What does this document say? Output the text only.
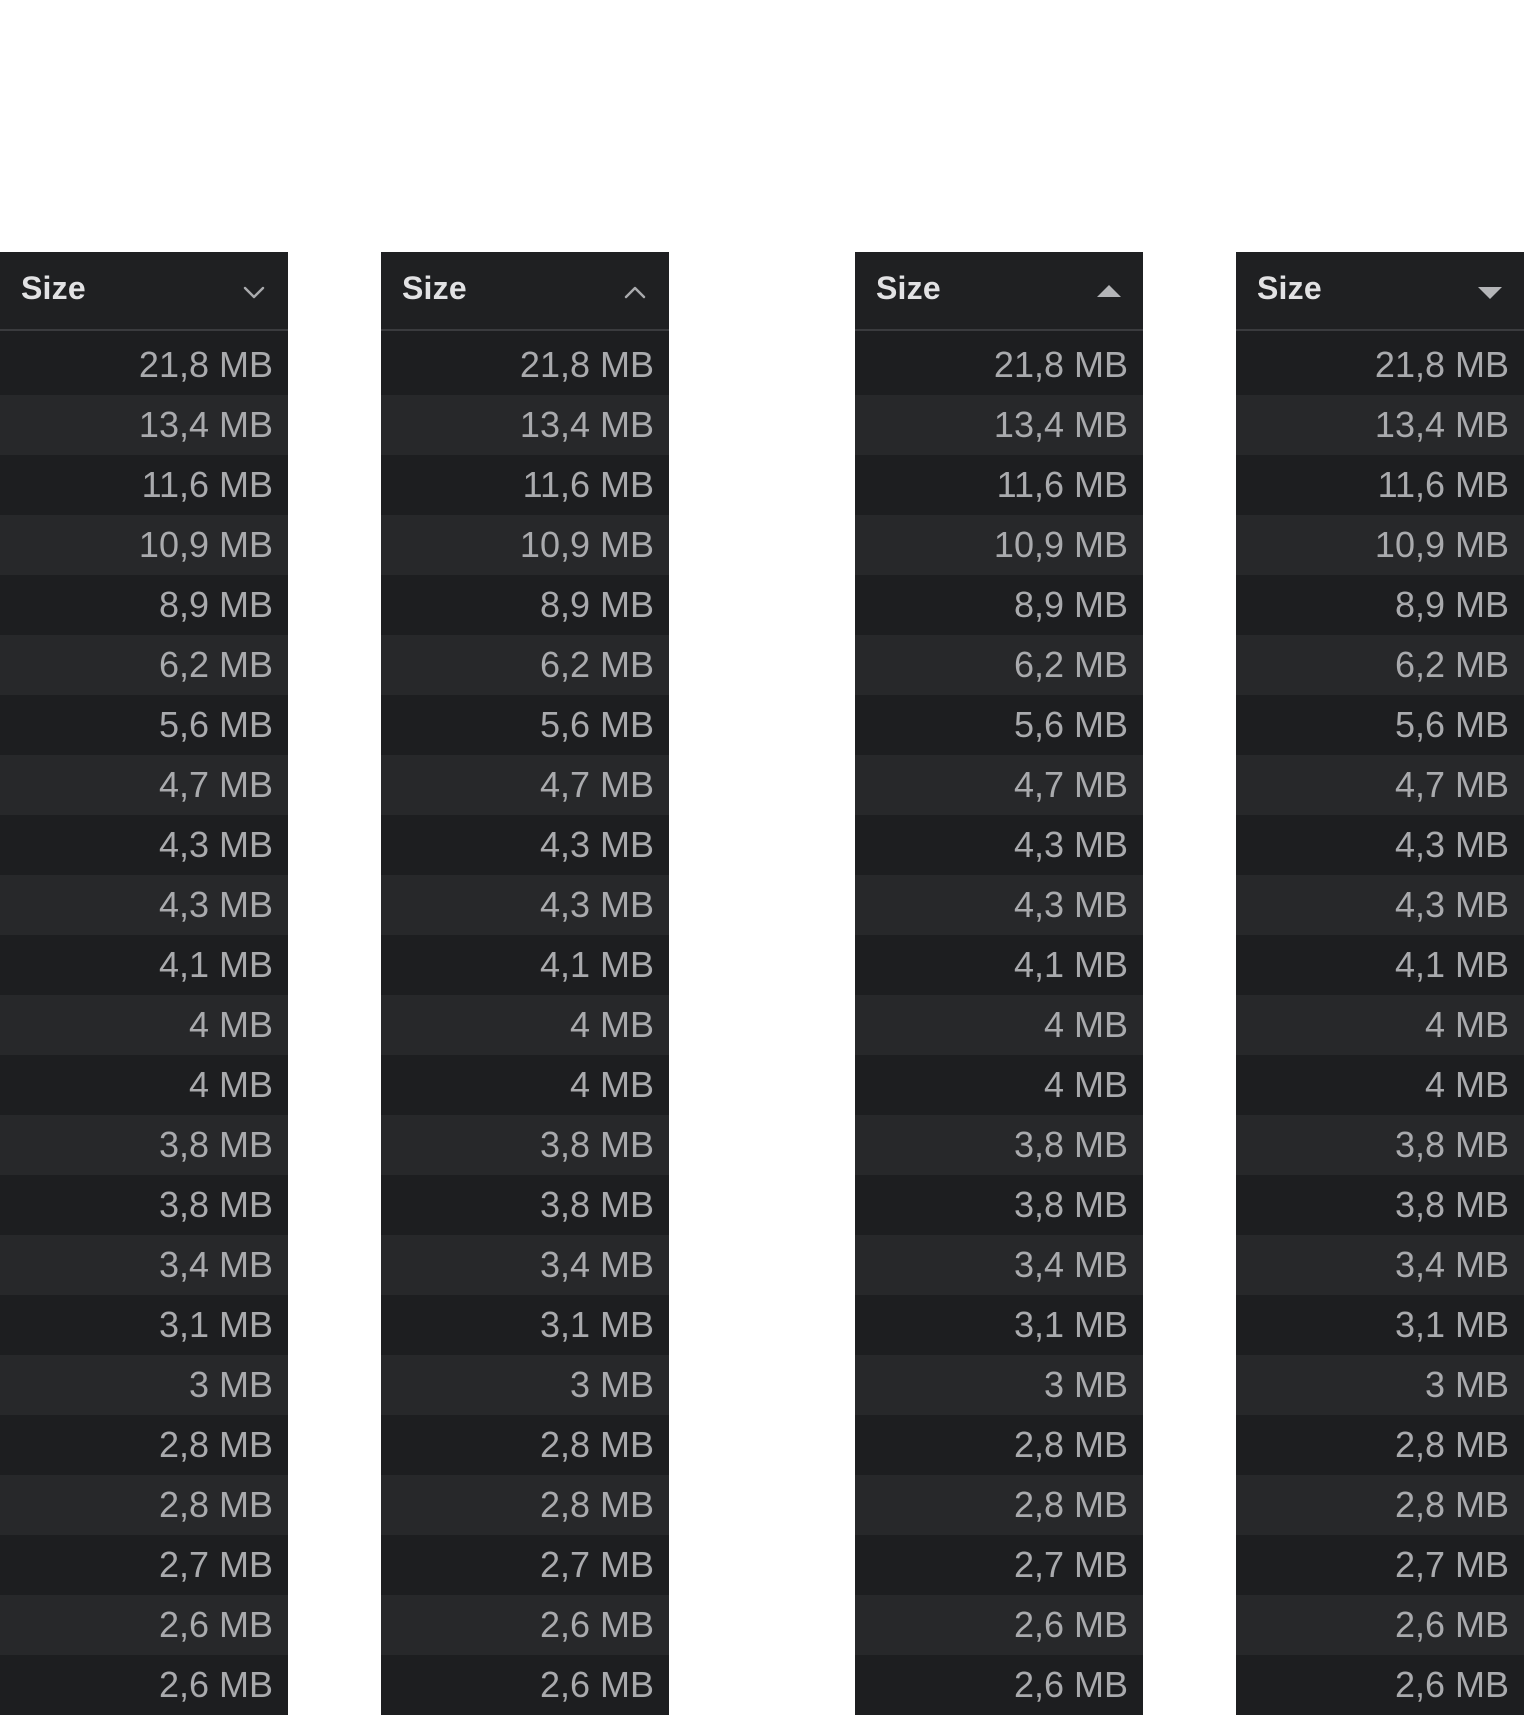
Size
21,8 MB
13,4 MB
11,6 MB
10,9 MB
8,9 MB
6,2 MB
5,6 MB
4,7 MB
4,3 MB
4,3 MB
4,1 MB
4 MB
4 MB
3,8 MB
3,8 MB
3,4 MB
3,1 MB
3 MB
2,8 MB
2,8 MB
2,7 MB
2,6 MB
2,6 MB
Size
21,8 MB
13,4 MB
11,6 MB
10,9 MB
8,9 MB
6,2 MB
5,6 MB
4,7 MB
4,3 MB
4,3 MB
4,1 MB
4 MB
4 MB
3,8 MB
3,8 MB
3,4 MB
3,1 MB
3 MB
2,8 MB
2,8 MB
2,7 MB
2,6 MB
2,6 MB
Size
21,8 MB
13,4 MB
11,6 MB
10,9 MB
8,9 MB
6,2 MB
5,6 MB
4,7 MB
4,3 MB
4,3 MB
4,1 MB
4 MB
4 MB
3,8 MB
3,8 MB
3,4 MB
3,1 MB
3 MB
2,8 MB
2,8 MB
2,7 MB
2,6 MB
2,6 MB
Size
21,8 MB
13,4 MB
11,6 MB
10,9 MB
8,9 MB
6,2 MB
5,6 MB
4,7 MB
4,3 MB
4,3 MB
4,1 MB
4 MB
4 MB
3,8 MB
3,8 MB
3,4 MB
3,1 MB
3 MB
2,8 MB
2,8 MB
2,7 MB
2,6 MB
2,6 MB
